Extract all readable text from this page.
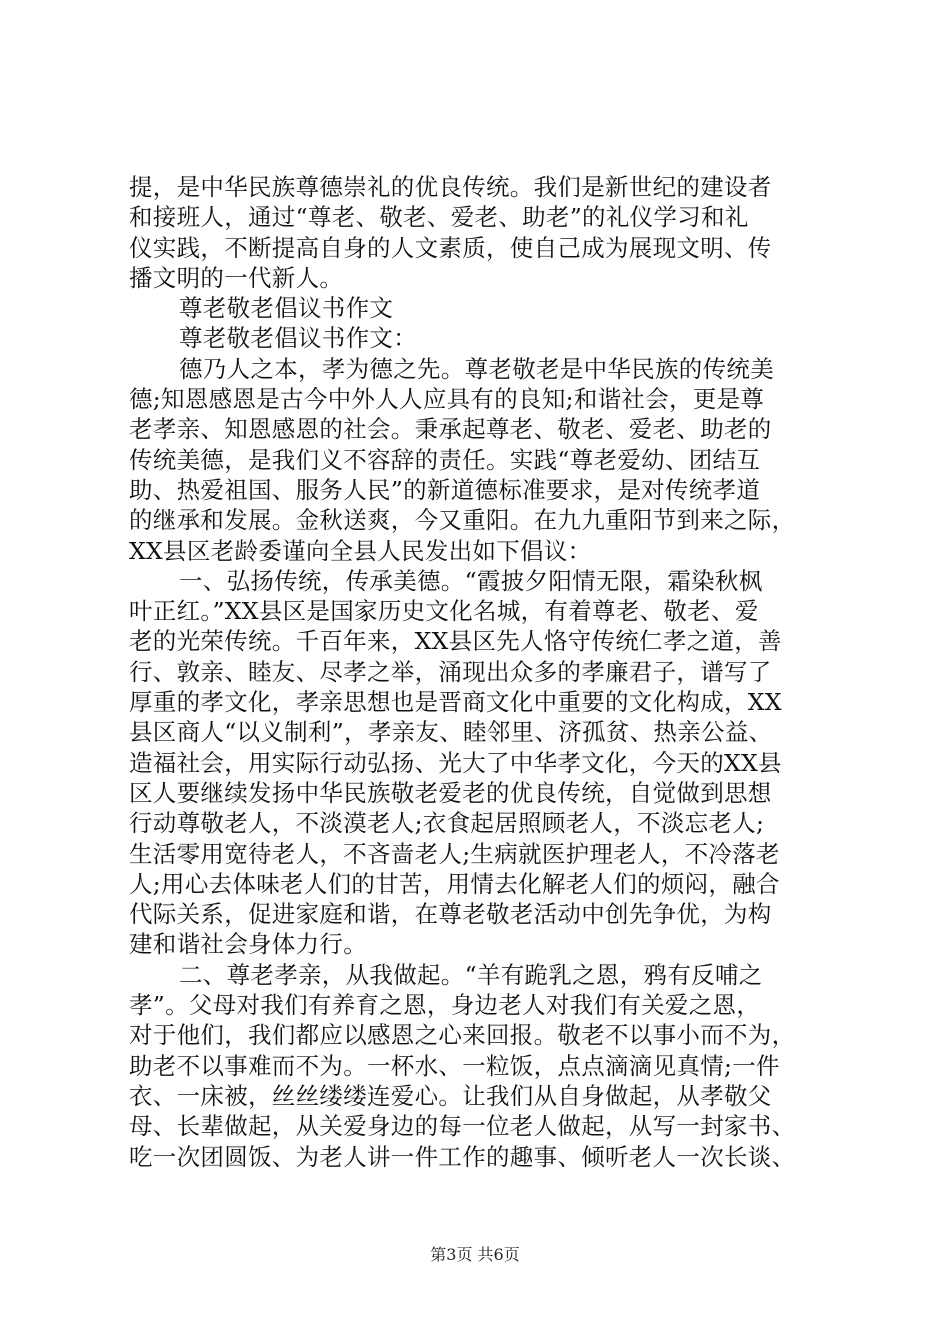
提，是中华民族尊德崇礼的优良传统。我们是新世纪的建设者
和接班人，通过“尊老、敬老、爱老、助老”的礼仪学习和礼
仪实践，不断提高自身的人文素质，使自己成为展现文明、传
播文明的一代新人。
尊老敬老倡议书作文
尊老敬老倡议书作文：
德乃人之本，孝为德之先。尊老敬老是中华民族的传统美
德;知恩感恩是古今中外人人应具有的良知;和谐社会，更是尊
老孝亲、知恩感恩的社会。秉承起尊老、敬老、爱老、助老的
传统美德，是我们义不容辞的责任。实践“尊老爱幼、团结互
助、热爱祖国、服务人民”的新道德标准要求，是对传统孝道
的继承和发展。金秋送爽，今又重阳。在九九重阳节到来之际，
XX县区老龄委谨向全县人民发出如下倡议：
一、弘扬传统，传承美德。“霞披夕阳情无限，霜染秋枫
叶正红。”XX县区是国家历史文化名城，有着尊老、敬老、爱
老的光荣传统。千百年来，XX县区先人恪守传统仁孝之道，善
行、敦亲、睦友、尽孝之举，涌现出众多的孝廉君子，谱写了
厚重的孝文化，孝亲思想也是晋商文化中重要的文化构成，XX
县区商人“以义制利”，孝亲友、睦邻里、济孤贫、热亲公益、
造福社会，用实际行动弘扬、光大了中华孝文化，今天的XX县
区人要继续发扬中华民族敬老爱老的优良传统，自觉做到思想
行动尊敬老人，不淡漠老人;衣食起居照顾老人，不淡忘老人;
生活零用宽待老人，不吝啬老人;生病就医护理老人，不冷落老
人;用心去体味老人们的甘苦，用情去化解老人们的烦闷，融合
代际关系，促进家庭和谐，在尊老敬老活动中创先争优，为构
建和谐社会身体力行。
二、尊老孝亲，从我做起。“羊有跪乳之恩，鸦有反哺之
孝”。父母对我们有养育之恩，身边老人对我们有关爱之恩，
对于他们，我们都应以感恩之心来回报。敬老不以事小而不为，
助老不以事难而不为。一杯水、一粒饭，点点滴滴见真情;一件
衣、一床被，丝丝缕缕连爱心。让我们从自身做起，从孝敬父
母、长辈做起，从关爱身边的每一位老人做起，从写一封家书、
吃一次团圆饭、为老人讲一件工作的趣事、倾听老人一次长谈、
第3页 共6页
